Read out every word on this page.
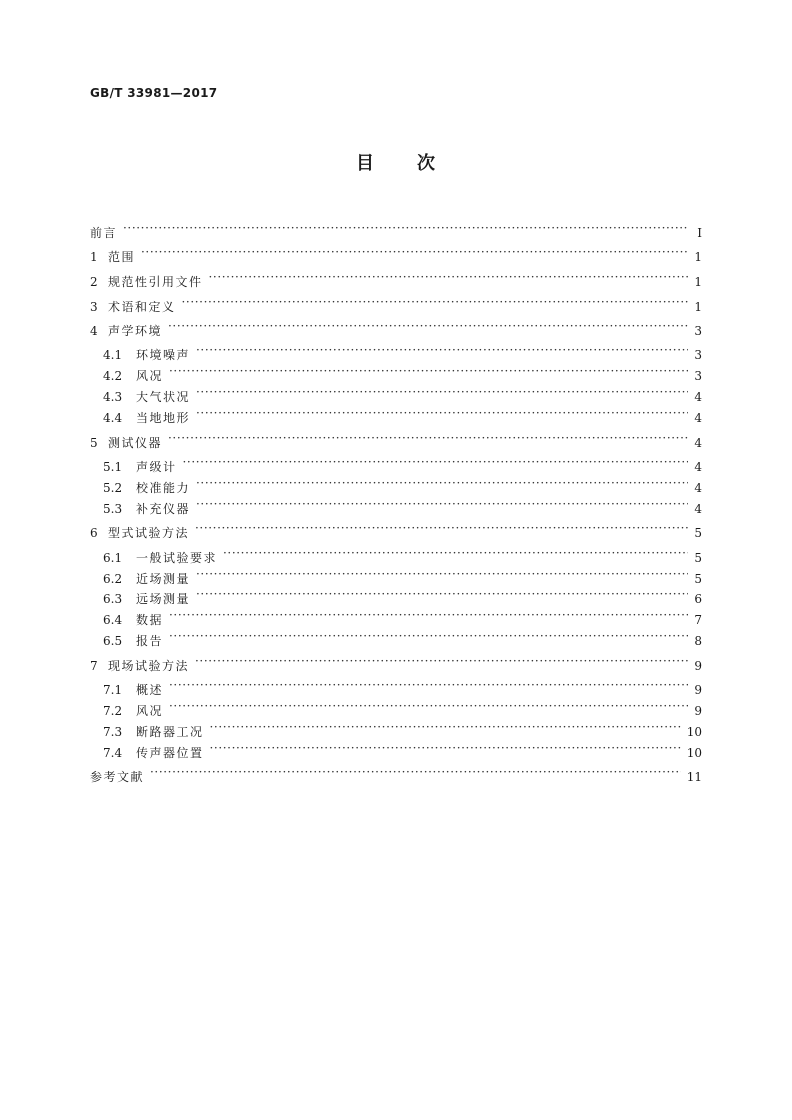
GB/T 33981—2017
目 次
前言 ·····	Ⅰ
1 范围 ·····	1
2 规范性引用文件 ·····	1
3 术语和定义 ·····	1
4 声学环境 ·····	3
4.1	环境噪声 ·····	3
4.2	风况 ·····	3
4.3	大气状况 ·····	4
4.4	当地地形 ·····	4
5 测试仪器 ·····	4
5.1	声级计 ·····	4
5.2	校准能力 ·····	4
5.3	补充仪器 ·····	4
6 型式试验方法 ·····	5
6.1	一般试验要求 ·····	5
6.2	近场测量 ·····	5
6.3	远场测量 ·····	6
6.4	数据 ·····	7
6.5	报告 ·····	8
7 现场试验方法 ·····	9
7.1	概述 ·····	9
7.2	风况 ·····	9
7.3	断路器工况 ·····	10
7.4	传声器位置 ·····	10
参考文献 ·····	11
